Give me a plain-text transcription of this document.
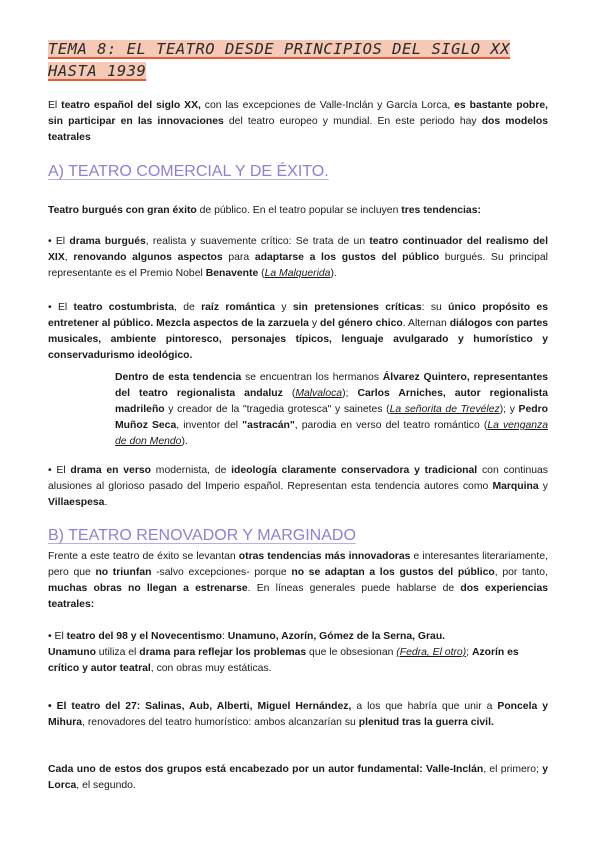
TEMA 8: EL TEATRO DESDE PRINCIPIOS DEL SIGLO XX
HASTA 1939

El teatro español del siglo XX, con las excepciones de Valle-Inclán y García Lorca, es bastante pobre, sin participar en las innovaciones del teatro europeo y mundial. En este periodo hay dos modelos teatrales

A) TEATRO COMERCIAL Y DE ÉXITO.

Teatro burgués con gran éxito de público. En el teatro popular se incluyen tres tendencias:

• El drama burgués, realista y suavemente crítico: Se trata de un teatro continuador del realismo del XIX, renovando algunos aspectos para adaptarse a los gustos del público burgués. Su principal representante es el Premio Nobel Benavente (La Malquerida).

• El teatro costumbrista, de raíz romántica y sin pretensiones críticas: su único propósito es entretener al público. Mezcla aspectos de la zarzuela y del género chico. Alternan diálogos con partes musicales, ambiente pintoresco, personajes típicos, lenguaje avulgarado y humorístico y conservadurismo ideológico.

Dentro de esta tendencia se encuentran los hermanos Álvarez Quintero, representantes del teatro regionalista andaluz (Malvaloca); Carlos Arniches, autor regionalista madrileño y creador de la "tragedia grotesca" y sainetes (La señorita de Trevélez); y Pedro Muñoz Seca, inventor del "astracán", parodia en verso del teatro romántico (La venganza de don Mendo).

• El drama en verso modernista, de ideología claramente conservadora y tradicional con continuas alusiones al glorioso pasado del Imperio español. Representan esta tendencia autores como Marquina y Villaespesa.

B) TEATRO RENOVADOR Y MARGINADO

Frente a este teatro de éxito se levantan otras tendencias más innovadoras e interesantes literariamente, pero que no triunfan -salvo excepciones- porque no se adaptan a los gustos del público, por tanto, muchas obras no llegan a estrenarse. En líneas generales puede hablarse de dos experiencias teatrales:

• El teatro del 98 y el Novecentismo: Unamuno, Azorín, Gómez de la Serna, Grau.
Unamuno utiliza el drama para reflejar los problemas que le obsesionan (Fedra, El otro); Azorín es crítico y autor teatral, con obras muy estáticas.

• El teatro del 27: Salinas, Aub, Alberti, Miguel Hernández, a los que habría que unir a Poncela y Mihura, renovadores del teatro humorístico: ambos alcanzarían su plenitud tras la guerra civil.

Cada uno de estos dos grupos está encabezado por un autor fundamental: Valle-Inclán, el primero; y Lorca, el segundo.
